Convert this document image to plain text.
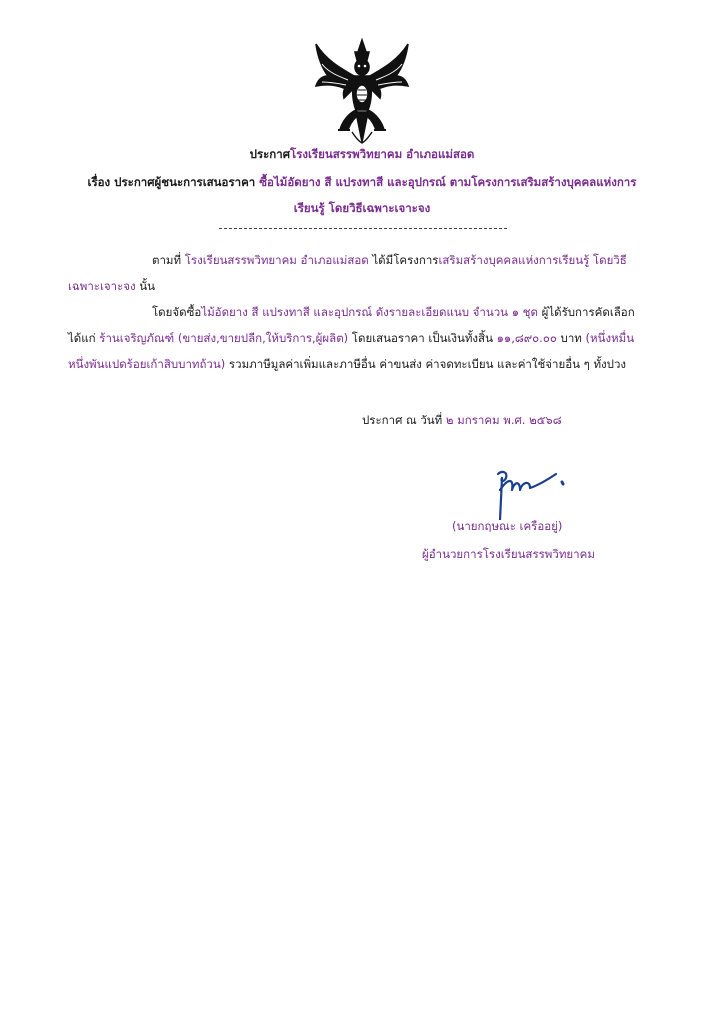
ประกาศโรงเรียนสรรพวิทยาคม อำเภอแม่สอด
เรื่อง ประกาศผู้ชนะการเสนอราคา ซื้อไม้อัดยาง สี แปรงทาสี และอุปกรณ์ ตามโครงการเสริมสร้างบุคคลแห่งการ
เรียนรู้ โดยวิธีเฉพาะเจาะจง
ตามที่ โรงเรียนสรรพวิทยาคม อำเภอแม่สอด ได้มีโครงการเสริมสร้างบุคคลแห่งการเรียนรู้ โดยวิธี
เฉพาะเจาะจง นั้น
โดยจัดซื้อไม้อัดยาง สี แปรงทาสี และอุปกรณ์ ดังรายละเอียดแนบ จำนวน ๑ ชุด ผู้ได้รับการคัดเลือก
ได้แก่ ร้านเจริญภัณฑ์ (ขายส่ง,ขายปลีก,ให้บริการ,ผู้ผลิต) โดยเสนอราคา เป็นเงินทั้งสิ้น ๑๑,๘๙๐.๐๐ บาท (หนึ่งหมื่น
หนึ่งพันแปดร้อยเก้าสิบบาทถ้วน) รวมภาษีมูลค่าเพิ่มและภาษีอื่น ค่าขนส่ง ค่าจดทะเบียน และค่าใช้จ่ายอื่น ๆ ทั้งปวง
ประกาศ ณ วันที่ ๒ มกราคม พ.ศ. ๒๕๖๘
(นายกฤษณะ เครืออยู่)
ผู้อำนวยการโรงเรียนสรรพวิทยาคม
